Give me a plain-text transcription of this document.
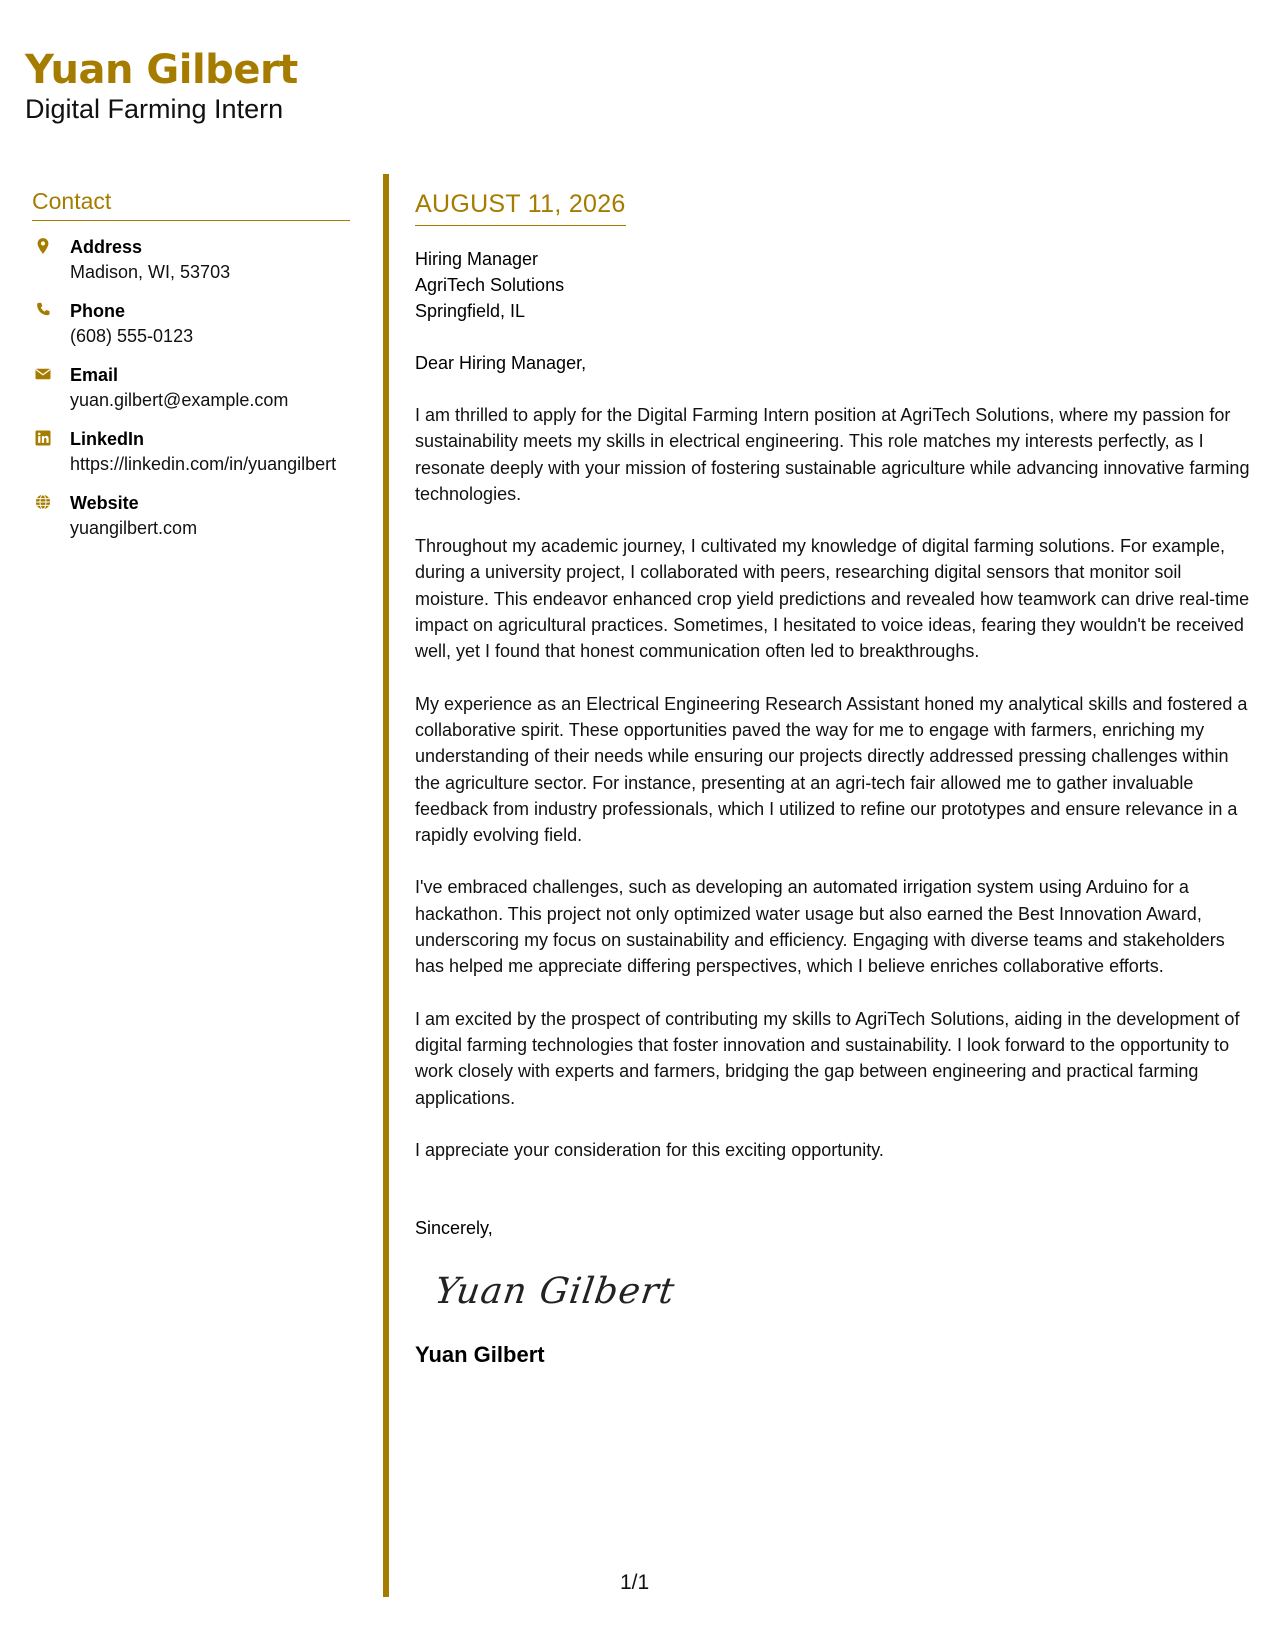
Yuan Gilbert
Digital Farming Intern
Contact
Address
Madison, WI, 53703
Phone
(608) 555-0123
Email
yuan.gilbert@example.com
LinkedIn
https://linkedin.com/in/yuangilbert
Website
yuangilbert.com
AUGUST 11, 2026
Hiring Manager
AgriTech Solutions
Springfield, IL
Dear Hiring Manager,
I am thrilled to apply for the Digital Farming Intern position at AgriTech Solutions, where my passion for sustainability meets my skills in electrical engineering. This role matches my interests perfectly, as I resonate deeply with your mission of fostering sustainable agriculture while advancing innovative farming technologies.
Throughout my academic journey, I cultivated my knowledge of digital farming solutions. For example, during a university project, I collaborated with peers, researching digital sensors that monitor soil moisture. This endeavor enhanced crop yield predictions and revealed how teamwork can drive real-time impact on agricultural practices. Sometimes, I hesitated to voice ideas, fearing they wouldn't be received well, yet I found that honest communication often led to breakthroughs.
My experience as an Electrical Engineering Research Assistant honed my analytical skills and fostered a collaborative spirit. These opportunities paved the way for me to engage with farmers, enriching my understanding of their needs while ensuring our projects directly addressed pressing challenges within the agriculture sector. For instance, presenting at an agri-tech fair allowed me to gather invaluable feedback from industry professionals, which I utilized to refine our prototypes and ensure relevance in a rapidly evolving field.
I've embraced challenges, such as developing an automated irrigation system using Arduino for a hackathon. This project not only optimized water usage but also earned the Best Innovation Award, underscoring my focus on sustainability and efficiency. Engaging with diverse teams and stakeholders has helped me appreciate differing perspectives, which I believe enriches collaborative efforts.
I am excited by the prospect of contributing my skills to AgriTech Solutions, aiding in the development of digital farming technologies that foster innovation and sustainability. I look forward to the opportunity to work closely with experts and farmers, bridging the gap between engineering and practical farming applications.
I appreciate your consideration for this exciting opportunity.
Sincerely,
Yuan Gilbert
Yuan Gilbert
1/1
